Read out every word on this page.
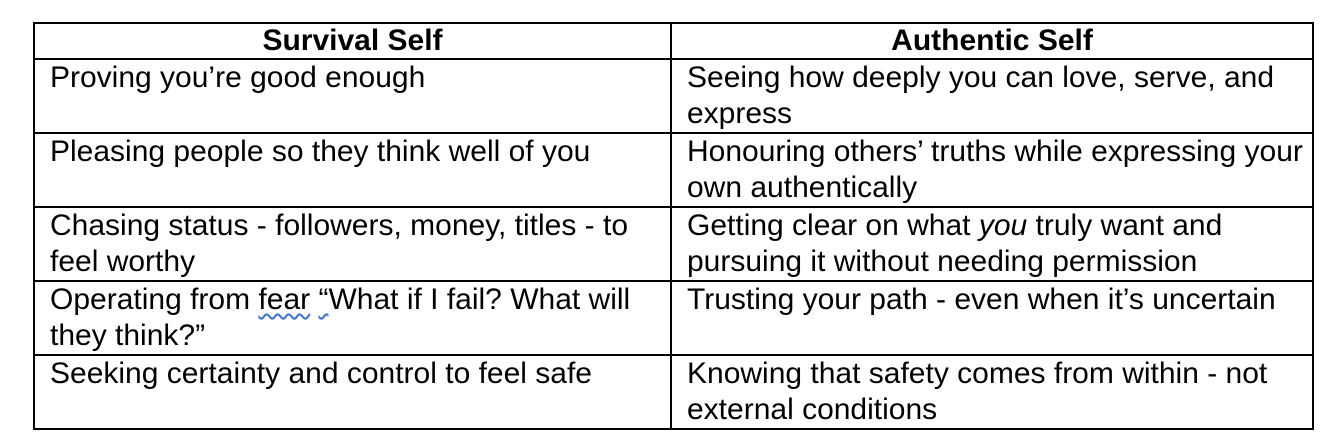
Survival Self	Authentic Self
Proving you’re good enough	Seeing how deeply you can love, serve, and express
Pleasing people so they think well of you	Honouring others’ truths while expressing your own authentically
Chasing status - followers, money, titles - to feel worthy	Getting clear on what you truly want and pursuing it without needing permission
Operating from fear “What if I fail? What will they think?”	Trusting your path - even when it’s uncertain
Seeking certainty and control to feel safe	Knowing that safety comes from within - not external conditions
